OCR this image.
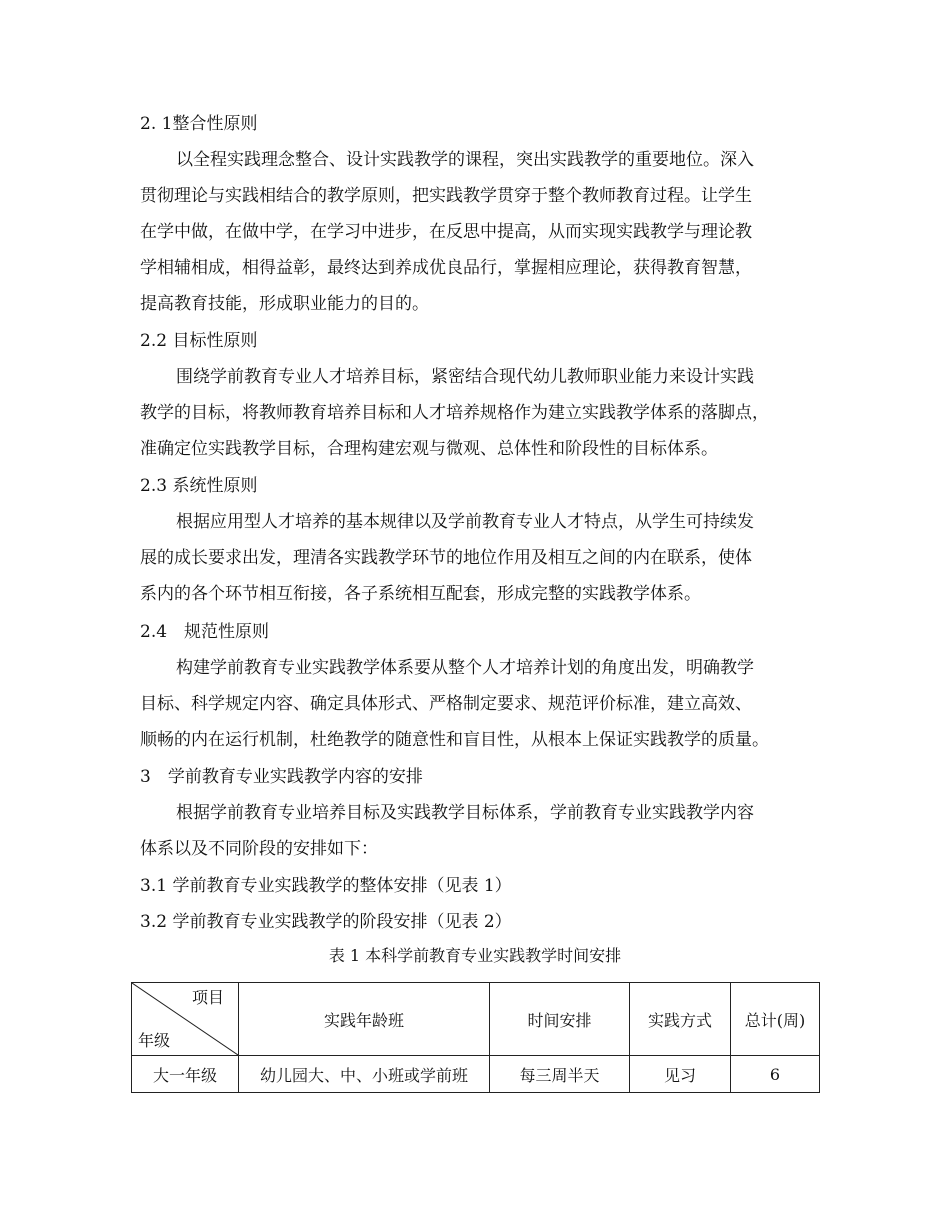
2. 1整合性原则
以全程实践理念整合、设计实践教学的课程，突出实践教学的重要地位。深入
贯彻理论与实践相结合的教学原则，把实践教学贯穿于整个教师教育过程。让学生
在学中做，在做中学，在学习中进步，在反思中提高，从而实现实践教学与理论教
学相辅相成，相得益彰，最终达到养成优良品行，掌握相应理论，获得教育智慧，
提高教育技能，形成职业能力的目的。
2.2 目标性原则
围绕学前教育专业人才培养目标，紧密结合现代幼儿教师职业能力来设计实践
教学的目标，将教师教育培养目标和人才培养规格作为建立实践教学体系的落脚点，
准确定位实践教学目标，合理构建宏观与微观、总体性和阶段性的目标体系。
2.3 系统性原则
根据应用型人才培养的基本规律以及学前教育专业人才特点，从学生可持续发
展的成长要求出发，理清各实践教学环节的地位作用及相互之间的内在联系，使体
系内的各个环节相互衔接，各子系统相互配套，形成完整的实践教学体系。
2.4　规范性原则
构建学前教育专业实践教学体系要从整个人才培养计划的角度出发，明确教学
目标、科学规定内容、确定具体形式、严格制定要求、规范评价标准，建立高效、
顺畅的内在运行机制，杜绝教学的随意性和盲目性，从根本上保证实践教学的质量。
3　学前教育专业实践教学内容的安排
根据学前教育专业培养目标及实践教学目标体系，学前教育专业实践教学内容
体系以及不同阶段的安排如下：
3.1 学前教育专业实践教学的整体安排（见表 1）
3.2 学前教育专业实践教学的阶段安排（见表 2）
表 1 本科学前教育专业实践教学时间安排
项目
年级	实践年龄班	时间安排	实践方式	总计(周)
大一年级	幼儿园大、中、小班或学前班	每三周半天	见习	6
